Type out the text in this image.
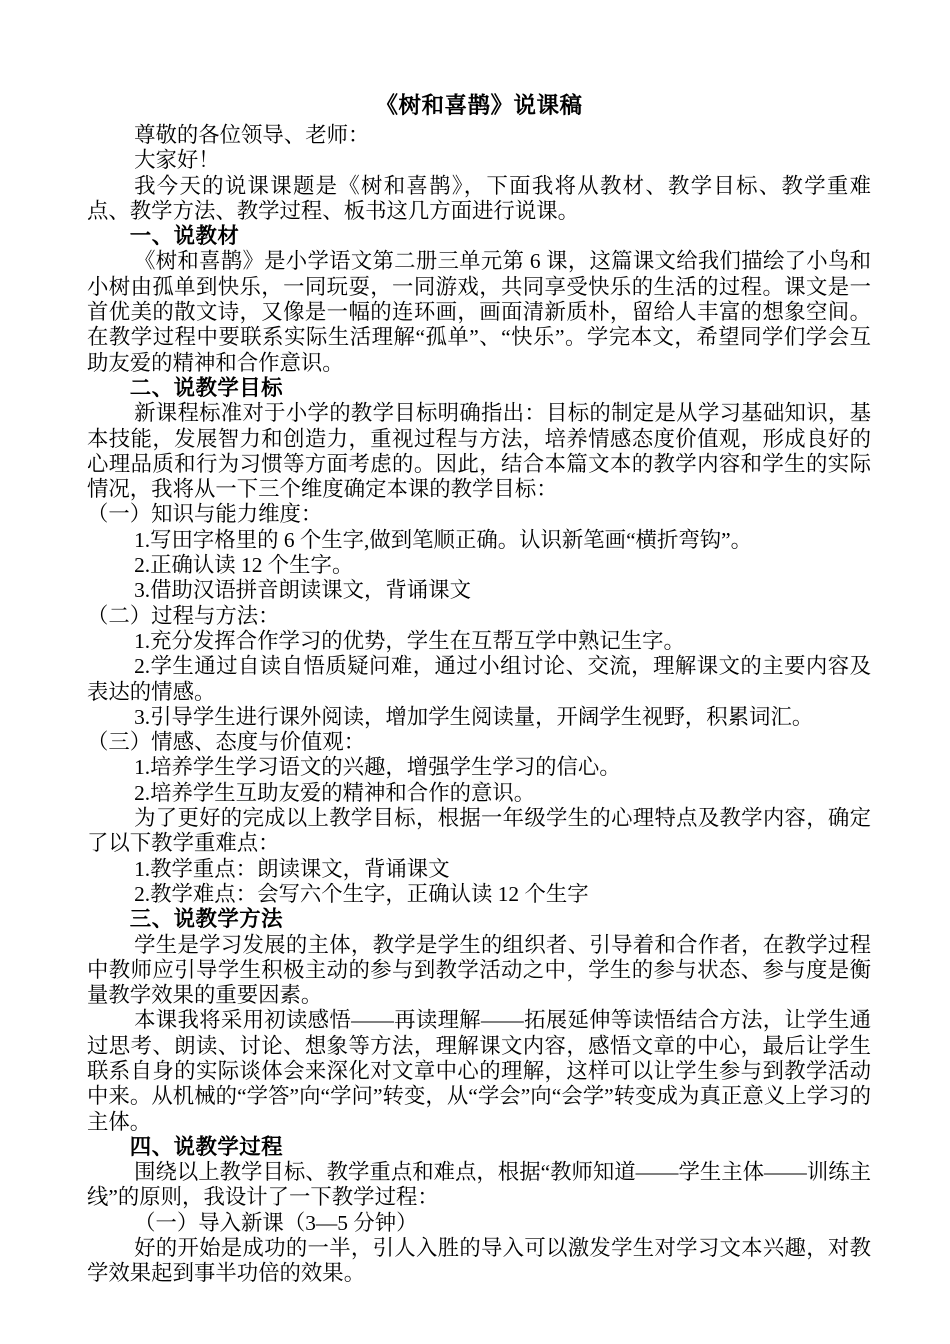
《树和喜鹊》说课稿

尊敬的各位领导、老师：

大家好！

我今天的说课课题是《树和喜鹊》，下面我将从教材、教学目标、教学重难点、教学方法、教学过程、板书这几方面进行说课。

一、说教材

《树和喜鹊》是小学语文第二册三单元第 6 课，这篇课文给我们描绘了小鸟和小树由孤单到快乐，一同玩耍，一同游戏，共同享受快乐的生活的过程。课文是一首优美的散文诗，又像是一幅的连环画，画面清新质朴，留给人丰富的想象空间。在教学过程中要联系实际生活理解“孤单”、“快乐”。学完本文，希望同学们学会互助友爱的精神和合作意识。

二、说教学目标

新课程标准对于小学的教学目标明确指出：目标的制定是从学习基础知识，基本技能，发展智力和创造力，重视过程与方法，培养情感态度价值观，形成良好的心理品质和行为习惯等方面考虑的。因此，结合本篇文本的教学内容和学生的实际情况，我将从一下三个维度确定本课的教学目标：

（一）知识与能力维度：

1.写田字格里的 6 个生字,做到笔顺正确。认识新笔画“横折弯钩”。

2.正确认读 12 个生字。

3.借助汉语拼音朗读课文，背诵课文

（二）过程与方法：

1.充分发挥合作学习的优势，学生在互帮互学中熟记生字。

2.学生通过自读自悟质疑问难，通过小组讨论、交流，理解课文的主要内容及表达的情感。

3.引导学生进行课外阅读，增加学生阅读量，开阔学生视野，积累词汇。

（三）情感、态度与价值观：

1.培养学生学习语文的兴趣，增强学生学习的信心。

2.培养学生互助友爱的精神和合作的意识。

为了更好的完成以上教学目标，根据一年级学生的心理特点及教学内容，确定了以下教学重难点：

1.教学重点：朗读课文，背诵课文

2.教学难点：会写六个生字，正确认读 12 个生字

三、说教学方法

学生是学习发展的主体，教学是学生的组织者、引导着和合作者，在教学过程中教师应引导学生积极主动的参与到教学活动之中，学生的参与状态、参与度是衡量教学效果的重要因素。

本课我将采用初读感悟——再读理解——拓展延伸等读悟结合方法，让学生通过思考、朗读、讨论、想象等方法，理解课文内容，感悟文章的中心，最后让学生联系自身的实际谈体会来深化对文章中心的理解，这样可以让学生参与到教学活动中来。从机械的“学答”向“学问”转变，从“学会”向“会学”转变成为真正意义上学习的主体。

四、说教学过程

围绕以上教学目标、教学重点和难点，根据“教师知道——学生主体——训练主线”的原则，我设计了一下教学过程：

（一）导入新课（3—5 分钟）

好的开始是成功的一半，引人入胜的导入可以激发学生对学习文本兴趣，对教学效果起到事半功倍的效果。
